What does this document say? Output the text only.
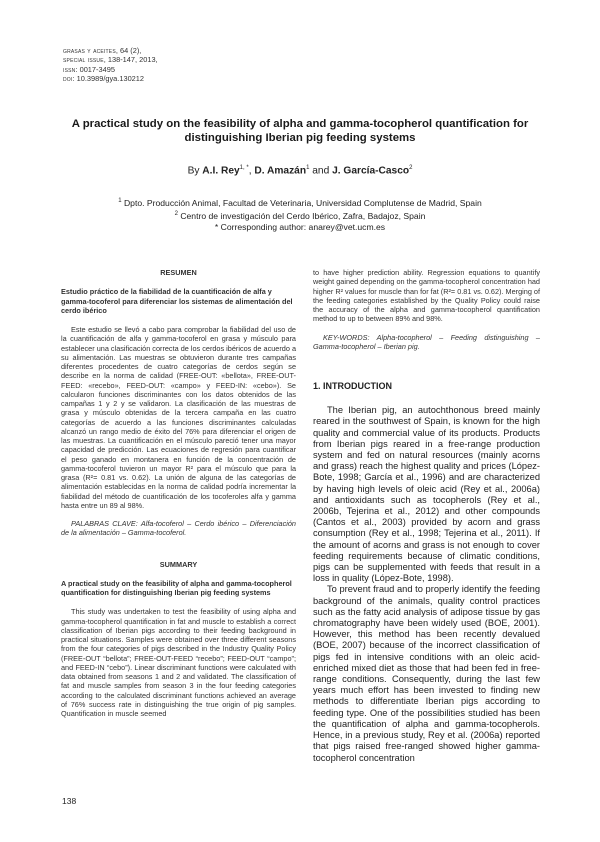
grasas y aceites, 64 (2),
special issue, 138-147, 2013,
issn: 0017-3495
doi: 10.3989/gya.130212
A practical study on the feasibility of alpha and gamma-tocopherol quantification for distinguishing Iberian pig feeding systems
By A.I. Rey$^{1, *}$, D. Amazán$^1$ and J. García-Casco$^2$
$^1$ Dpto. Producción Animal, Facultad de Veterinaria, Universidad Complutense de Madrid, Spain
$^2$ Centro de investigación del Cerdo Ibérico, Zafra, Badajoz, Spain
* Corresponding author: anarey@vet.ucm.es
RESUMEN
Estudio práctico de la fiabilidad de la cuantificación de alfa y gamma-tocoferol para diferenciar los sistemas de alimentación del cerdo ibérico

Este estudio se llevó a cabo para comprobar la fiabilidad del uso de la cuantificación de alfa y gamma-tocoferol en grasa y músculo para establecer una clasificación correcta de los cerdos ibéricos de acuerdo a su alimentación. Las muestras se obtuvieron durante tres campañas diferentes procedentes de cuatro categorías de cerdos según se describe en la norma de calidad (FREE-OUT: «bellota», FREE-OUT-FEED: «recebo», FEED-OUT: «campo» y FEED-IN: «cebo»). Se calcularon funciones discriminantes con los datos obtenidos de las campañas 1 y 2 y se validaron. La clasificación de las muestras de grasa y músculo obtenidas de la tercera campaña en las cuatro categorías de acuerdo a las funciones discriminantes calculadas alcanzó un rango medio de éxito del 76% para diferenciar el origen de las muestras. La cuantificación en el músculo pareció tener una mayor capacidad de predicción. Las ecuaciones de regresión para cuantificar el peso ganado en montanera en función de la concentración de gamma-tocoferol tuvieron un mayor R² para el músculo que para la grasa (R²= 0.81 vs. 0.62). La unión de alguna de las categorías de alimentación establecidas en la norma de calidad podría incrementar la fiabilidad del método de cuantificación de los tocoferoles alfa y gamma hasta entre un 89 al 98%.

PALABRAS CLAVE: Alfa-tocoferol – Cerdo ibérico – Diferenciación de la alimentación – Gamma-tocoferol.

SUMMARY
A practical study on the feasibility of alpha and gamma-tocopherol quantification for distinguishing Iberian pig feeding systems

This study was undertaken to test the feasibility of using alpha and gamma-tocopherol quantification in fat and muscle to establish a correct classification of Iberian pigs according to their feeding background in practical situations. Samples were obtained over three different seasons from the four categories of pigs described in the Industry Quality Policy (FREE-OUT “bellota”; FREE-OUT-FEED “recebo”; FEED-OUT “campo”; and FEED-IN “cebo”). Linear discriminant functions were calculated with data obtained from seasons 1 and 2 and validated. The classification of fat and muscle samples from season 3 in the four feeding categories according to the calculated discriminant functions achieved an average of 76% success rate in distinguishing the true origin of pig samples. Quantification in muscle seemed

to have higher prediction ability. Regression equations to quantify weight gained depending on the gamma-tocopherol concentration had higher R² values for muscle than for fat (R²= 0.81 vs. 0.62). Merging of the feeding categories established by the Quality Policy could raise the accuracy of the alpha and gamma-tocopherol quantification method to up to between 89% and 98%.

KEY-WORDS: Alpha-tocopherol – Feeding distinguishing – Gamma-tocopherol – Iberian pig.

1. INTRODUCTION

The Iberian pig, an autochthonous breed mainly reared in the southwest of Spain, is known for the high quality and commercial value of its products. Products from Iberian pigs reared in a free-range production system and fed on natural resources (mainly acorns and grass) reach the highest quality and prices (López-Bote, 1998; García et al., 1996) and are characterized by having high levels of oleic acid (Rey et al., 2006a) and antioxidants such as tocopherols (Rey et al., 2006b, Tejerina et al., 2012) and other compounds (Cantos et al., 2003) provided by acorn and grass consumption (Rey et al., 1998; Tejerina et al., 2011). If the amount of acorns and grass is not enough to cover feeding requirements because of climatic conditions, pigs can be supplemented with feeds that result in a loss in quality (López-Bote, 1998).

To prevent fraud and to properly identify the feeding background of the animals, quality control practices such as the fatty acid analysis of adipose tissue by gas chromatography have been widely used (BOE, 2001). However, this method has been recently devalued (BOE, 2007) because of the incorrect classification of pigs fed in intensive conditions with an oleic acid-enriched mixed diet as those that had been fed in free-range conditions. Consequently, during the last few years much effort has been invested to finding new methods to differentiate Iberian pigs according to feeding type. One of the possibilities studied has been the quantification of alpha and gamma-tocopherols. Hence, in a previous study, Rey et al. (2006a) reported that pigs raised free-ranged showed higher gamma-tocopherol concentration

138
